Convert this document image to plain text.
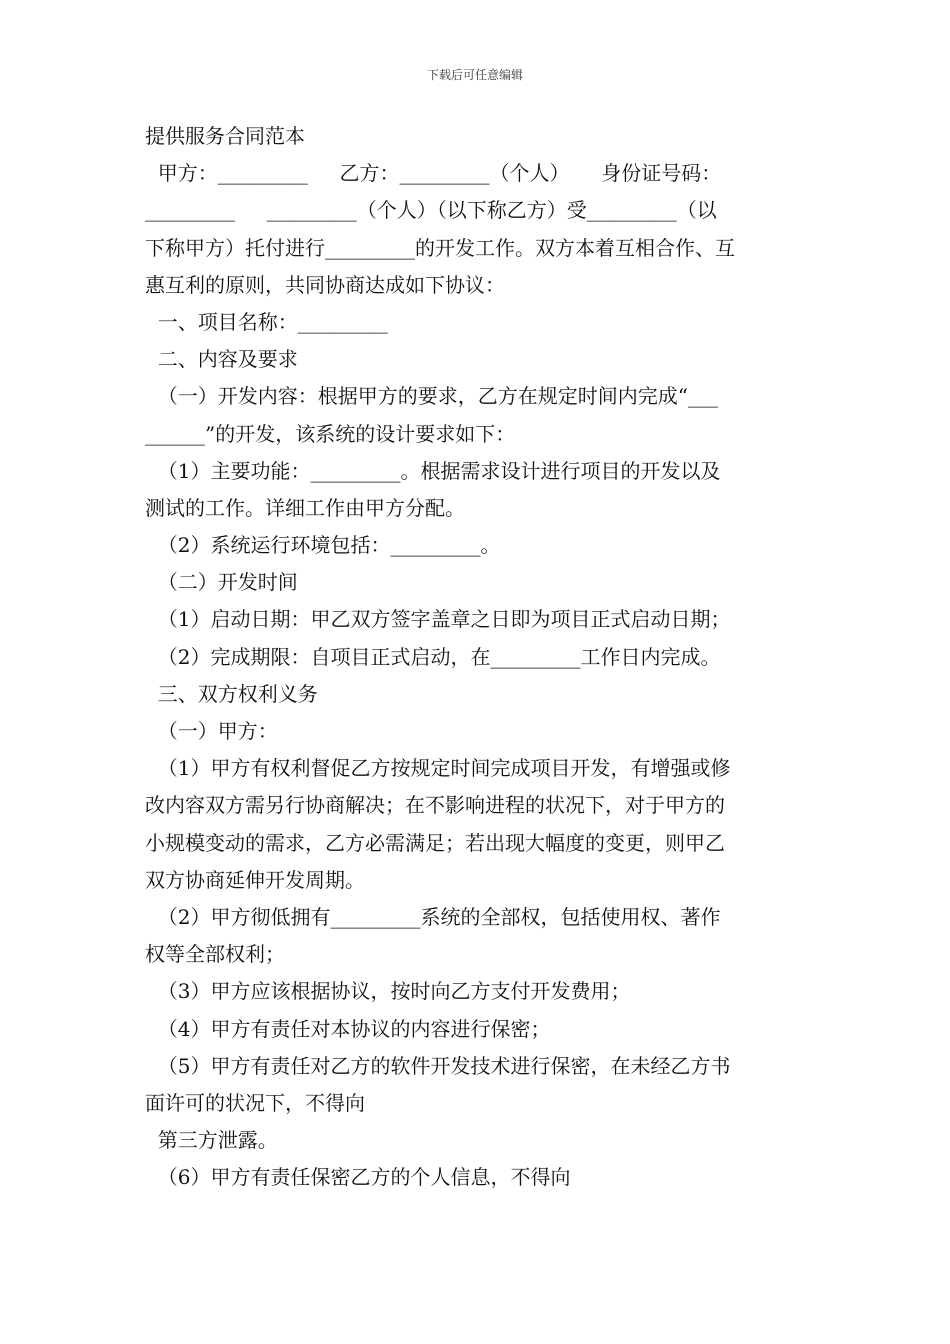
下载后可任意编辑
提供服务合同范本
甲方：_________     乙方：_________（个人）     身份证号码：
_________     _________（个人）（以下称乙方）受_________（以
下称甲方）托付进行_________的开发工作。双方本着互相合作、互
惠互利的原则，共同协商达成如下协议：
一、项目名称：_________
二、内容及要求
（一）开发内容：根据甲方的要求，乙方在规定时间内完成“___
______”的开发，该系统的设计要求如下：
（1）主要功能：_________。根据需求设计进行项目的开发以及
测试的工作。详细工作由甲方分配。
（2）系统运行环境包括：_________。
（二）开发时间
（1）启动日期：甲乙双方签字盖章之日即为项目正式启动日期；
（2）完成期限：自项目正式启动，在_________工作日内完成。
三、双方权利义务
（一）甲方：
（1）甲方有权利督促乙方按规定时间完成项目开发，有增强或修
改内容双方需另行协商解决；在不影响进程的状况下，对于甲方的
小规模变动的需求，乙方必需满足；若出现大幅度的变更，则甲乙
双方协商延伸开发周期。
（2）甲方彻低拥有_________系统的全部权，包括使用权、著作
权等全部权利；
（3）甲方应该根据协议，按时向乙方支付开发费用；
（4）甲方有责任对本协议的内容进行保密；
（5）甲方有责任对乙方的软件开发技术进行保密，在未经乙方书
面许可的状况下，不得向
第三方泄露。
（6）甲方有责任保密乙方的个人信息，不得向
